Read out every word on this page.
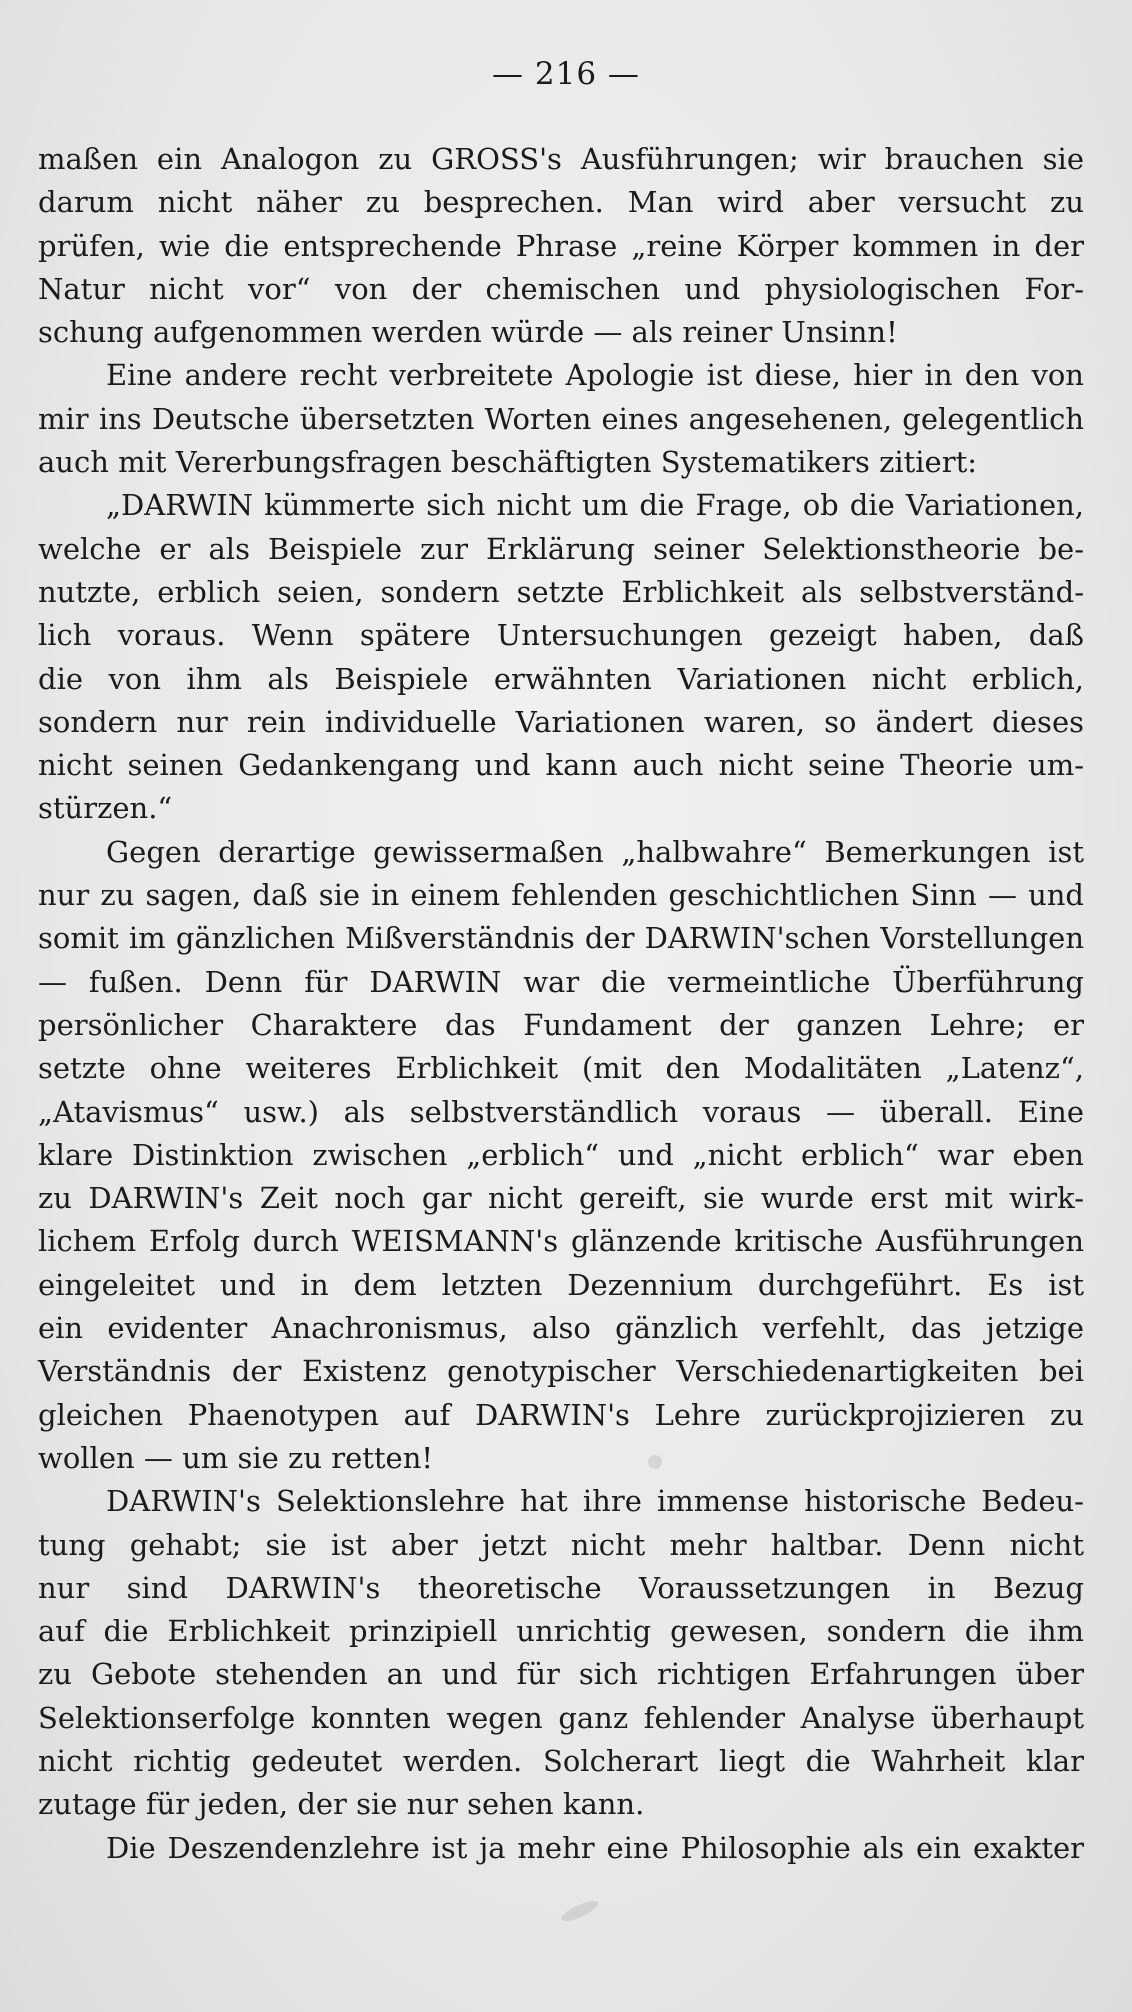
— 216 —
maßen ein Analogon zu GROSS's Ausführungen; wir brauchen sie
darum nicht näher zu besprechen. Man wird aber versucht zu
prüfen, wie die entsprechende Phrase „reine Körper kommen in der
Natur nicht vor“ von der chemischen und physiologischen For-
schung aufgenommen werden würde — als reiner Unsinn!
Eine andere recht verbreitete Apologie ist diese, hier in den von
mir ins Deutsche übersetzten Worten eines angesehenen, gelegentlich
auch mit Vererbungsfragen beschäftigten Systematikers zitiert:
„DARWIN kümmerte sich nicht um die Frage, ob die Variationen,
welche er als Beispiele zur Erklärung seiner Selektionstheorie be-
nutzte, erblich seien, sondern setzte Erblichkeit als selbstverständ-
lich voraus. Wenn spätere Untersuchungen gezeigt haben, daß
die von ihm als Beispiele erwähnten Variationen nicht erblich,
sondern nur rein individuelle Variationen waren, so ändert dieses
nicht seinen Gedankengang und kann auch nicht seine Theorie um-
stürzen.“
Gegen derartige gewissermaßen „halbwahre“ Bemerkungen ist
nur zu sagen, daß sie in einem fehlenden geschichtlichen Sinn — und
somit im gänzlichen Mißverständnis der DARWIN'schen Vorstellungen
— fußen. Denn für DARWIN war die vermeintliche Überführung
persönlicher Charaktere das Fundament der ganzen Lehre; er
setzte ohne weiteres Erblichkeit (mit den Modalitäten „Latenz“,
„Atavismus“ usw.) als selbstverständlich voraus — überall. Eine
klare Distinktion zwischen „erblich“ und „nicht erblich“ war eben
zu DARWIN's Zeit noch gar nicht gereift, sie wurde erst mit wirk-
lichem Erfolg durch WEISMANN's glänzende kritische Ausführungen
eingeleitet und in dem letzten Dezennium durchgeführt. Es ist
ein evidenter Anachronismus, also gänzlich verfehlt, das jetzige
Verständnis der Existenz genotypischer Verschiedenartigkeiten bei
gleichen Phaenotypen auf DARWIN's Lehre zurückprojizieren zu
wollen — um sie zu retten!
DARWIN's Selektionslehre hat ihre immense historische Bedeu-
tung gehabt; sie ist aber jetzt nicht mehr haltbar. Denn nicht
nur sind DARWIN's theoretische Voraussetzungen in Bezug
auf die Erblichkeit prinzipiell unrichtig gewesen, sondern die ihm
zu Gebote stehenden an und für sich richtigen Erfahrungen über
Selektionserfolge konnten wegen ganz fehlender Analyse überhaupt
nicht richtig gedeutet werden. Solcherart liegt die Wahrheit klar
zutage für jeden, der sie nur sehen kann.
Die Deszendenzlehre ist ja mehr eine Philosophie als ein exakter
